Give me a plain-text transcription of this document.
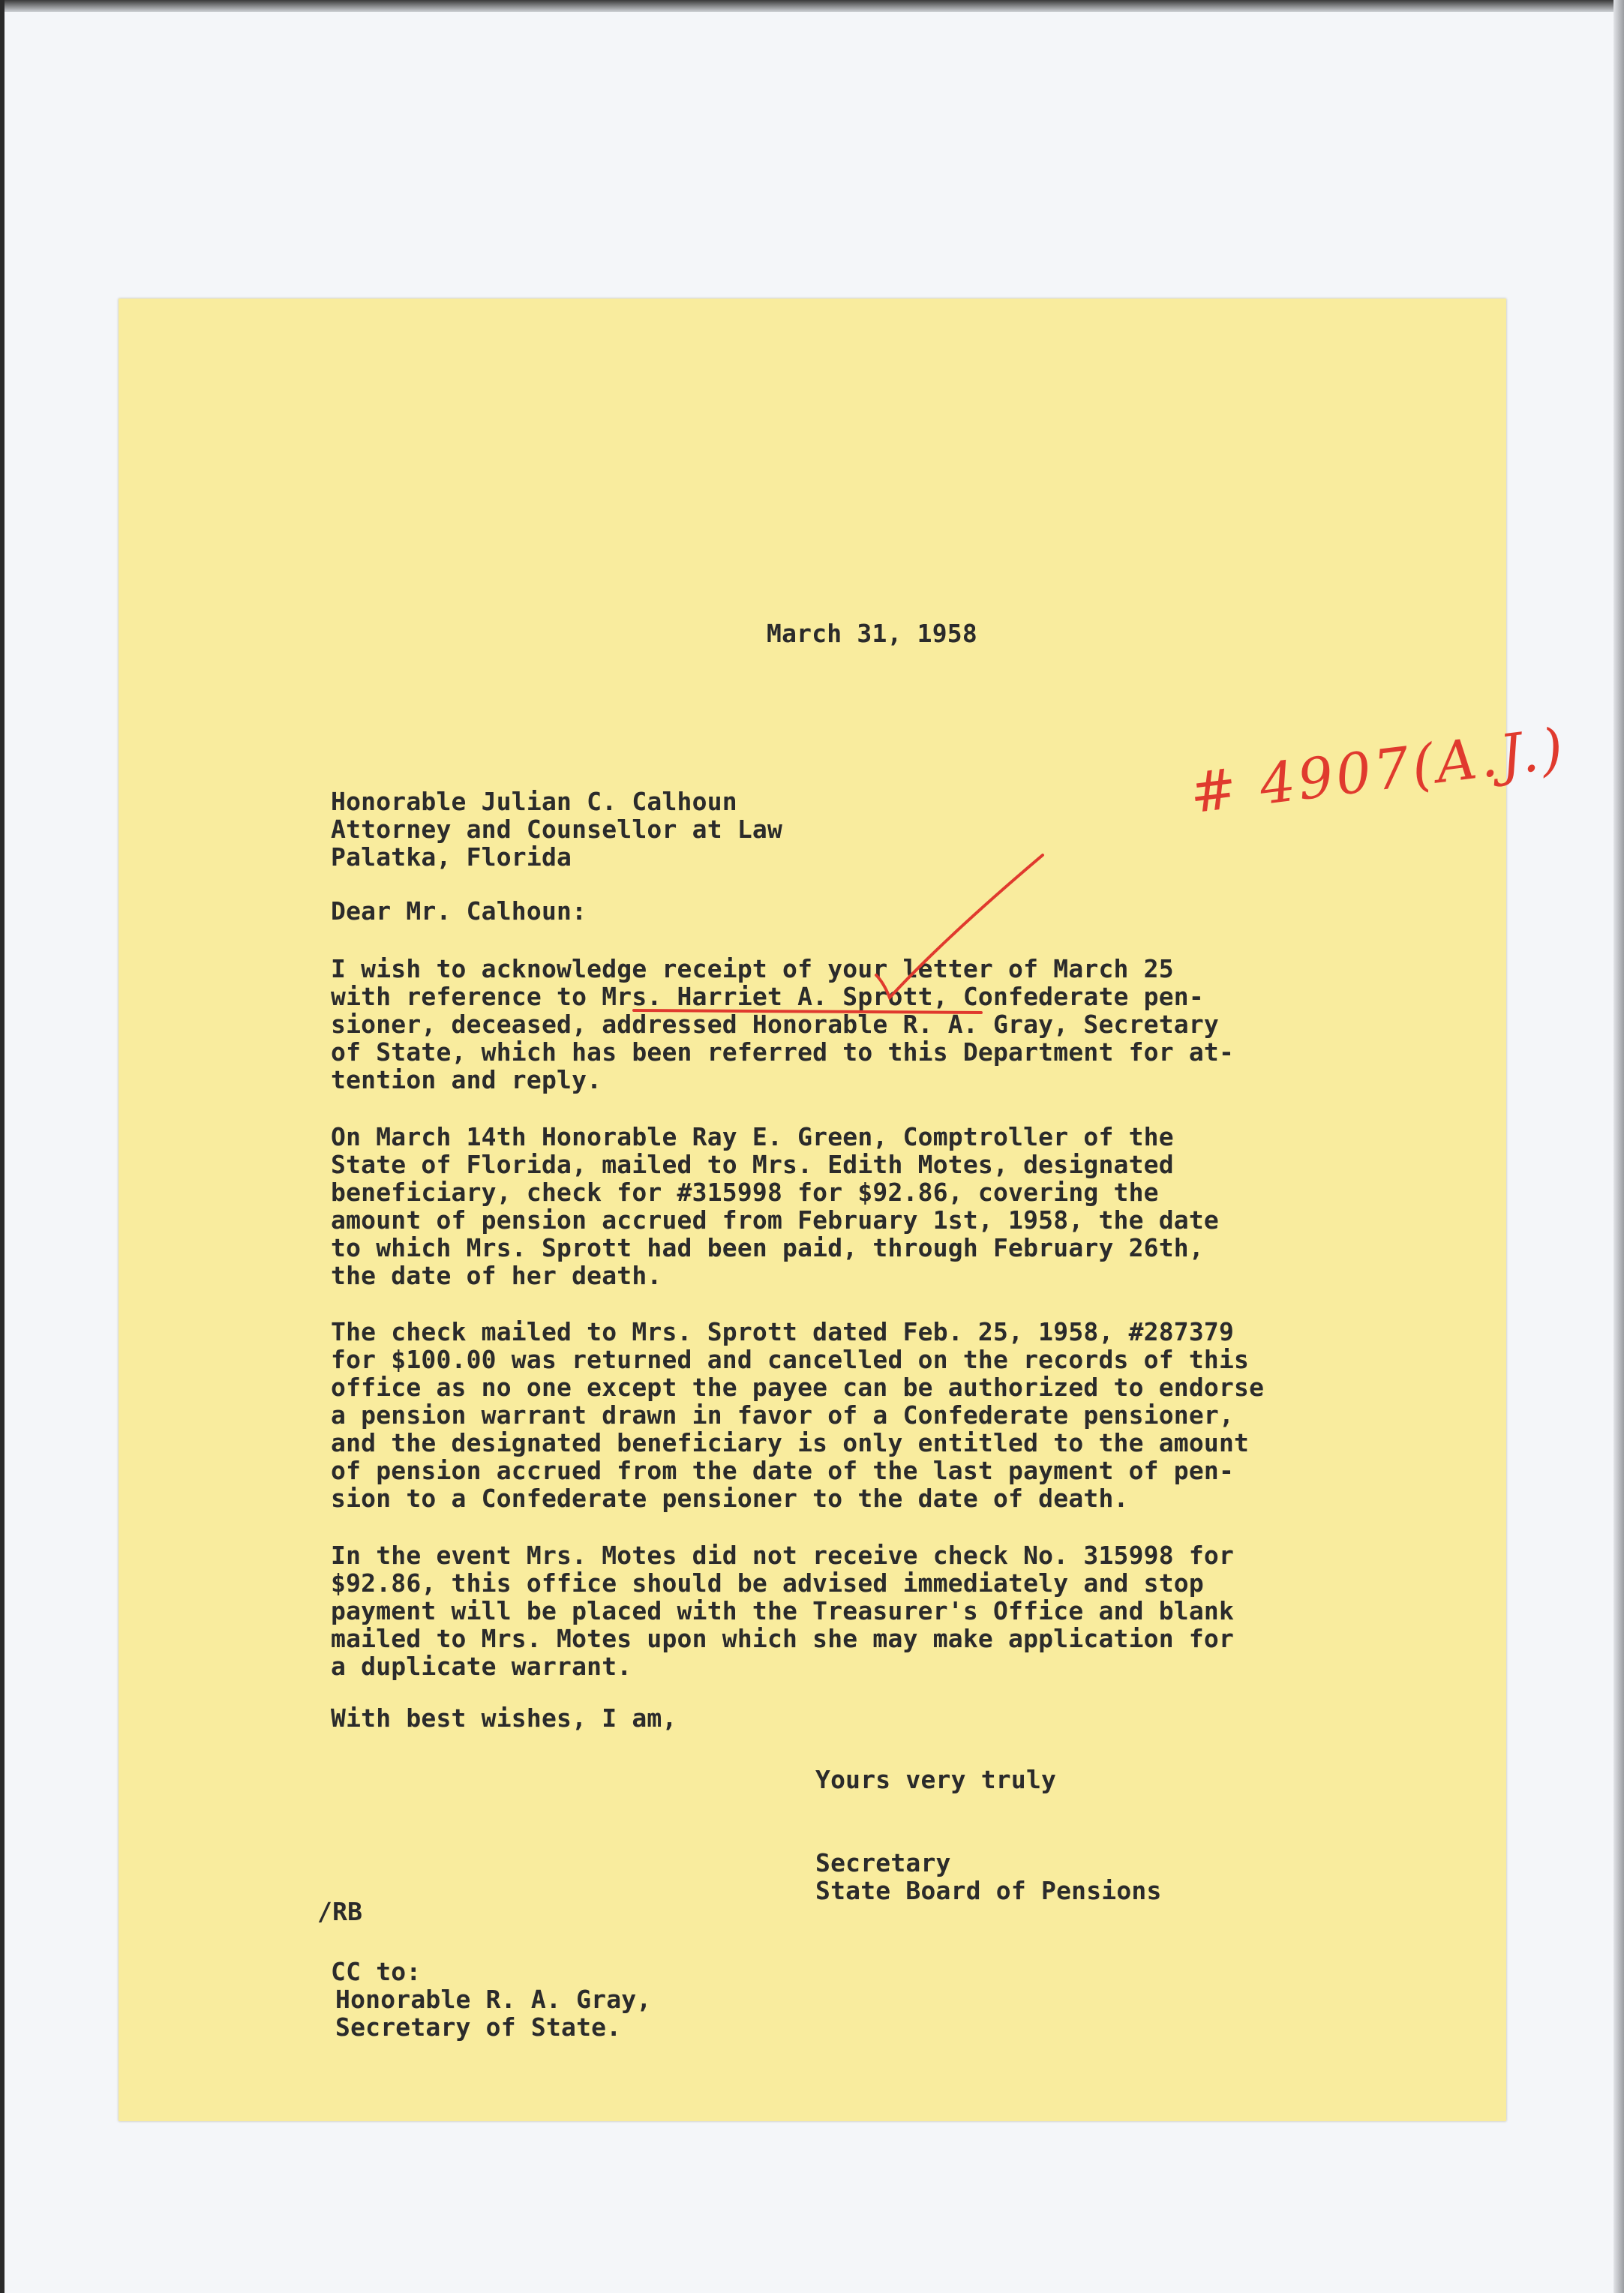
March 31, 1958

Honorable Julian C. Calhoun

Attorney and Counsellor at Law

Palatka, Florida

Dear Mr. Calhoun:

I wish to acknowledge receipt of your letter of March 25

with reference to Mrs. Harriet A. Sprott, Confederate pen-

sioner, deceased, addressed Honorable R. A. Gray, Secretary

of State, which has been referred to this Department for at-

tention and reply.

On March 14th Honorable Ray E. Green, Comptroller of the

State of Florida, mailed to Mrs. Edith Motes, designated

beneficiary, check for #315998 for $92.86, covering the

amount of pension accrued from February 1st, 1958, the date

to which Mrs. Sprott had been paid, through February 26th,

the date of her death.

The check mailed to Mrs. Sprott dated Feb. 25, 1958, #287379

for $100.00 was returned and cancelled on the records of this

office as no one except the payee can be authorized to endorse

a pension warrant drawn in favor of a Confederate pensioner,

and the designated beneficiary is only entitled to the amount

of pension accrued from the date of the last payment of pen-

sion to a Confederate pensioner to the date of death.

In the event Mrs. Motes did not receive check No. 315998 for

$92.86, this office should be advised immediately and stop

payment will be placed with the Treasurer's Office and blank

mailed to Mrs. Motes upon which she may make application for

a duplicate warrant.

With best wishes, I am,

Yours very truly

Secretary

State Board of Pensions

/RB

CC to:

Honorable R. A. Gray,

Secretary of State.

# 4907(A.J.)
